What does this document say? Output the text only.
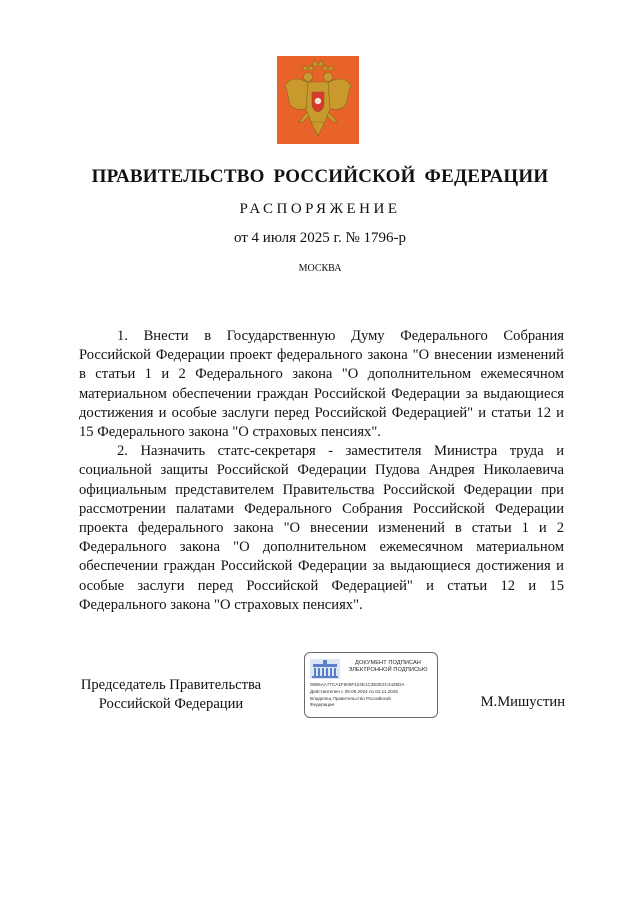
ПРАВИТЕЛЬСТВО РОССИЙСКОЙ ФЕДЕРАЦИИ
РАСПОРЯЖЕНИЕ
от 4 июля 2025 г. № 1796-р
МОСКВА

1. Внести в Государственную Думу Федерального Собрания Российской Федерации проект федерального закона "О внесении изменений в статьи 1 и 2 Федерального закона "О дополнительном ежемесячном материальном обеспечении граждан Российской Федерации за выдающиеся достижения и особые заслуги перед Российской Федерацией" и статьи 12 и 15 Федерального закона "О страховых пенсиях".

2. Назначить статс-секретаря - заместителя Министра труда и социальной защиты Российской Федерации Пудова Андрея Николаевича официальным представителем Правительства Российской Федерации при рассмотрении палатами Федерального Собрания Российской Федерации проекта федерального закона "О внесении изменений в статьи 1 и 2 Федерального закона "О дополнительном ежемесячном материальном обеспечении граждан Российской Федерации за выдающиеся достижения и особые заслуги перед Российской Федерацией" и статьи 12 и 15 Федерального закона "О страховых пенсиях".

Председатель Правительства
Российской Федерации
ДОКУМЕНТ ПОДПИСАН
ЭЛЕКТРОННОЙ ПОДПИСЬЮ
00B5AA77CA1F606F424E1C3E0E2C4428DA
Действителен с 09.08.2024 по 02.11.2025
Владелец Правительство Российской
Федерации	М.Мишустин
